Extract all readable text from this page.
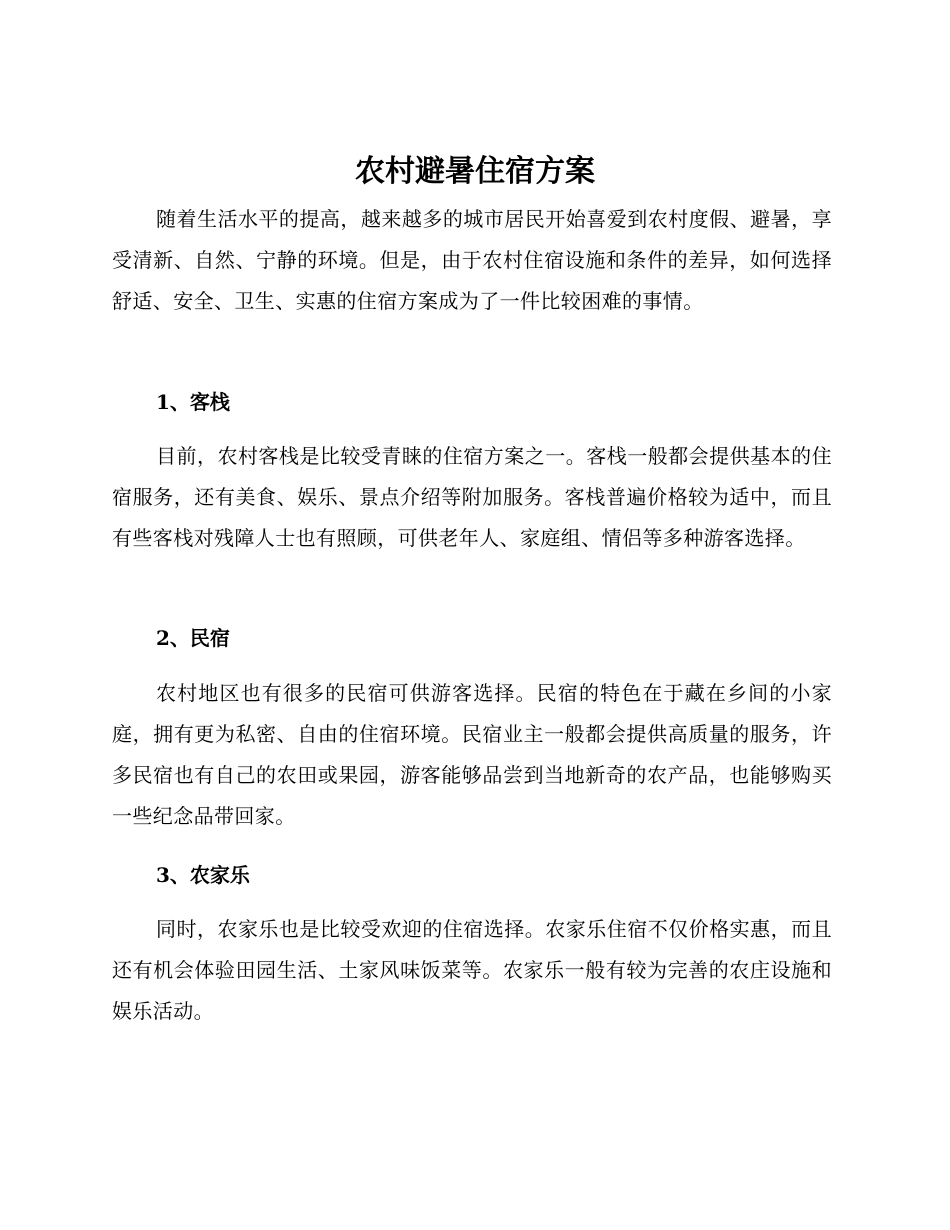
农村避暑住宿方案

随着生活水平的提高，越来越多的城市居民开始喜爱到农村度假、避暑，享受清新、自然、宁静的环境。但是，由于农村住宿设施和条件的差异，如何选择舒适、安全、卫生、实惠的住宿方案成为了一件比较困难的事情。

1、客栈

目前，农村客栈是比较受青睐的住宿方案之一。客栈一般都会提供基本的住宿服务，还有美食、娱乐、景点介绍等附加服务。客栈普遍价格较为适中，而且有些客栈对残障人士也有照顾，可供老年人、家庭组、情侣等多种游客选择。

2、民宿

农村地区也有很多的民宿可供游客选择。民宿的特色在于藏在乡间的小家庭，拥有更为私密、自由的住宿环境。民宿业主一般都会提供高质量的服务，许多民宿也有自己的农田或果园，游客能够品尝到当地新奇的农产品，也能够购买一些纪念品带回家。

3、农家乐

同时，农家乐也是比较受欢迎的住宿选择。农家乐住宿不仅价格实惠，而且还有机会体验田园生活、土家风味饭菜等。农家乐一般有较为完善的农庄设施和娱乐活动。
